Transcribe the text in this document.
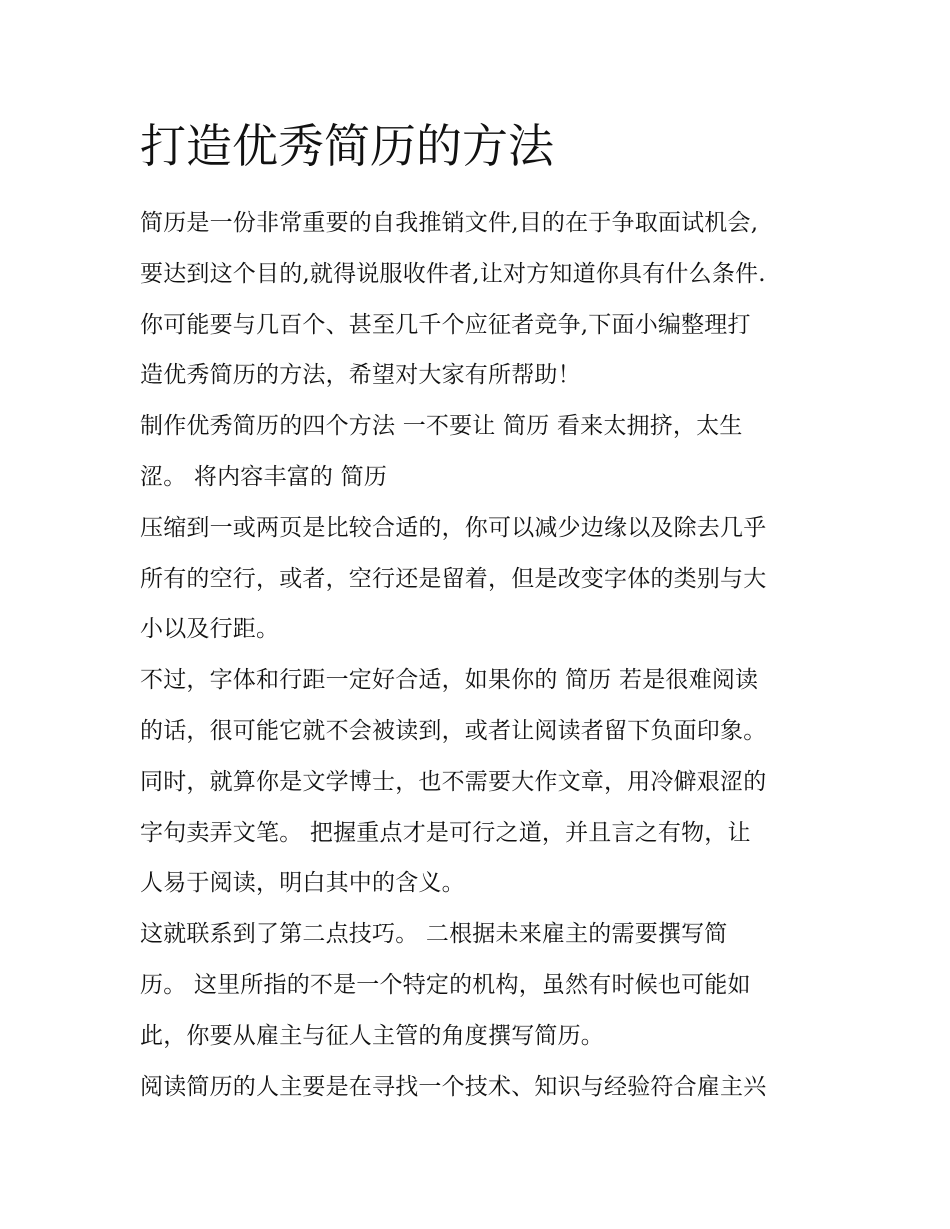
打造优秀简历的方法
简历是一份非常重要的自我推销文件,目的在于争取面试机会,
要达到这个目的,就得说服收件者,让对方知道你具有什么条件.
你可能要与几百个、甚至几千个应征者竞争,下面小编整理打
造优秀简历的方法，希望对大家有所帮助！
制作优秀简历的四个方法 一不要让 简历 看来太拥挤，太生
涩。 将内容丰富的 简历
压缩到一或两页是比较合适的，你可以减少边缘以及除去几乎
所有的空行，或者，空行还是留着，但是改变字体的类别与大
小以及行距。
不过，字体和行距一定好合适，如果你的 简历 若是很难阅读
的话，很可能它就不会被读到，或者让阅读者留下负面印象。
同时，就算你是文学博士，也不需要大作文章，用冷僻艰涩的
字句卖弄文笔。 把握重点才是可行之道，并且言之有物，让
人易于阅读，明白其中的含义。
这就联系到了第二点技巧。 二根据未来雇主的需要撰写简
历。 这里所指的不是一个特定的机构，虽然有时候也可能如
此，你要从雇主与征人主管的角度撰写简历。
阅读简历的人主要是在寻找一个技术、知识与经验符合雇主兴
